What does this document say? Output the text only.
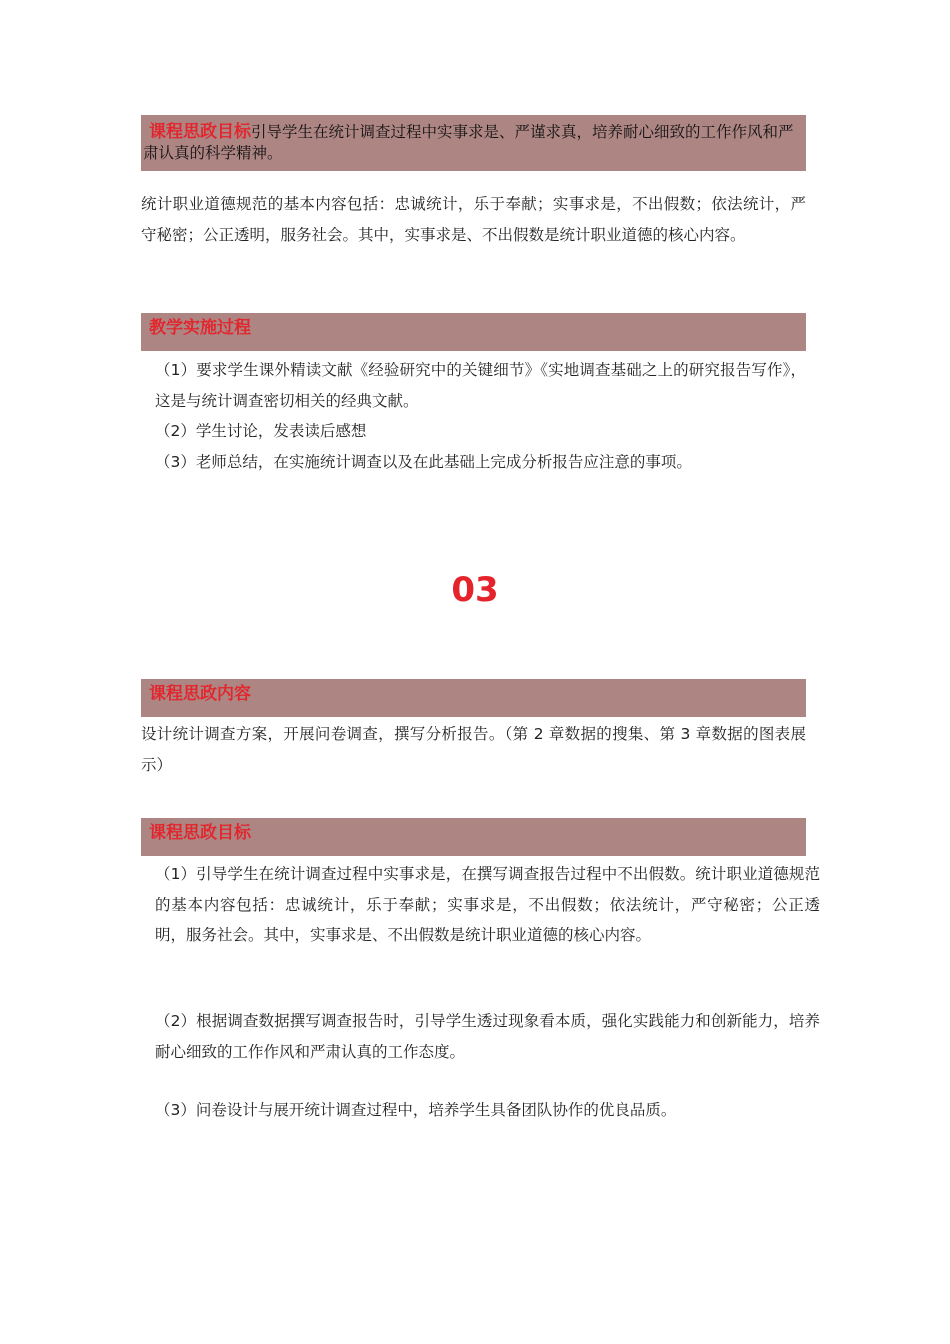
课程思政目标引导学生在统计调查过程中实事求是、严谨求真，培养耐心细致的工作作风和严肃认真的科学精神。
统计职业道德规范的基本内容包括：忠诚统计，乐于奉献；实事求是，不出假数；依法统计，严守秘密；公正透明，服务社会。其中，实事求是、不出假数是统计职业道德的核心内容。
教学实施过程
（1）要求学生课外精读文献《经验研究中的关键细节》《实地调查基础之上的研究报告写作》，这是与统计调查密切相关的经典文献。
（2）学生讨论，发表读后感想
（3）老师总结，在实施统计调查以及在此基础上完成分析报告应注意的事项。
03
课程思政内容
设计统计调查方案，开展问卷调查，撰写分析报告。（第 2 章数据的搜集、第 3 章数据的图表展示）
课程思政目标
（1）引导学生在统计调查过程中实事求是，在撰写调查报告过程中不出假数。统计职业道德规范的基本内容包括：忠诚统计，乐于奉献；实事求是，不出假数；依法统计，严守秘密；公正透明，服务社会。其中，实事求是、不出假数是统计职业道德的核心内容。
（2）根据调查数据撰写调查报告时，引导学生透过现象看本质，强化实践能力和创新能力，培养耐心细致的工作作风和严肃认真的工作态度。
（3）问卷设计与展开统计调查过程中，培养学生具备团队协作的优良品质。
